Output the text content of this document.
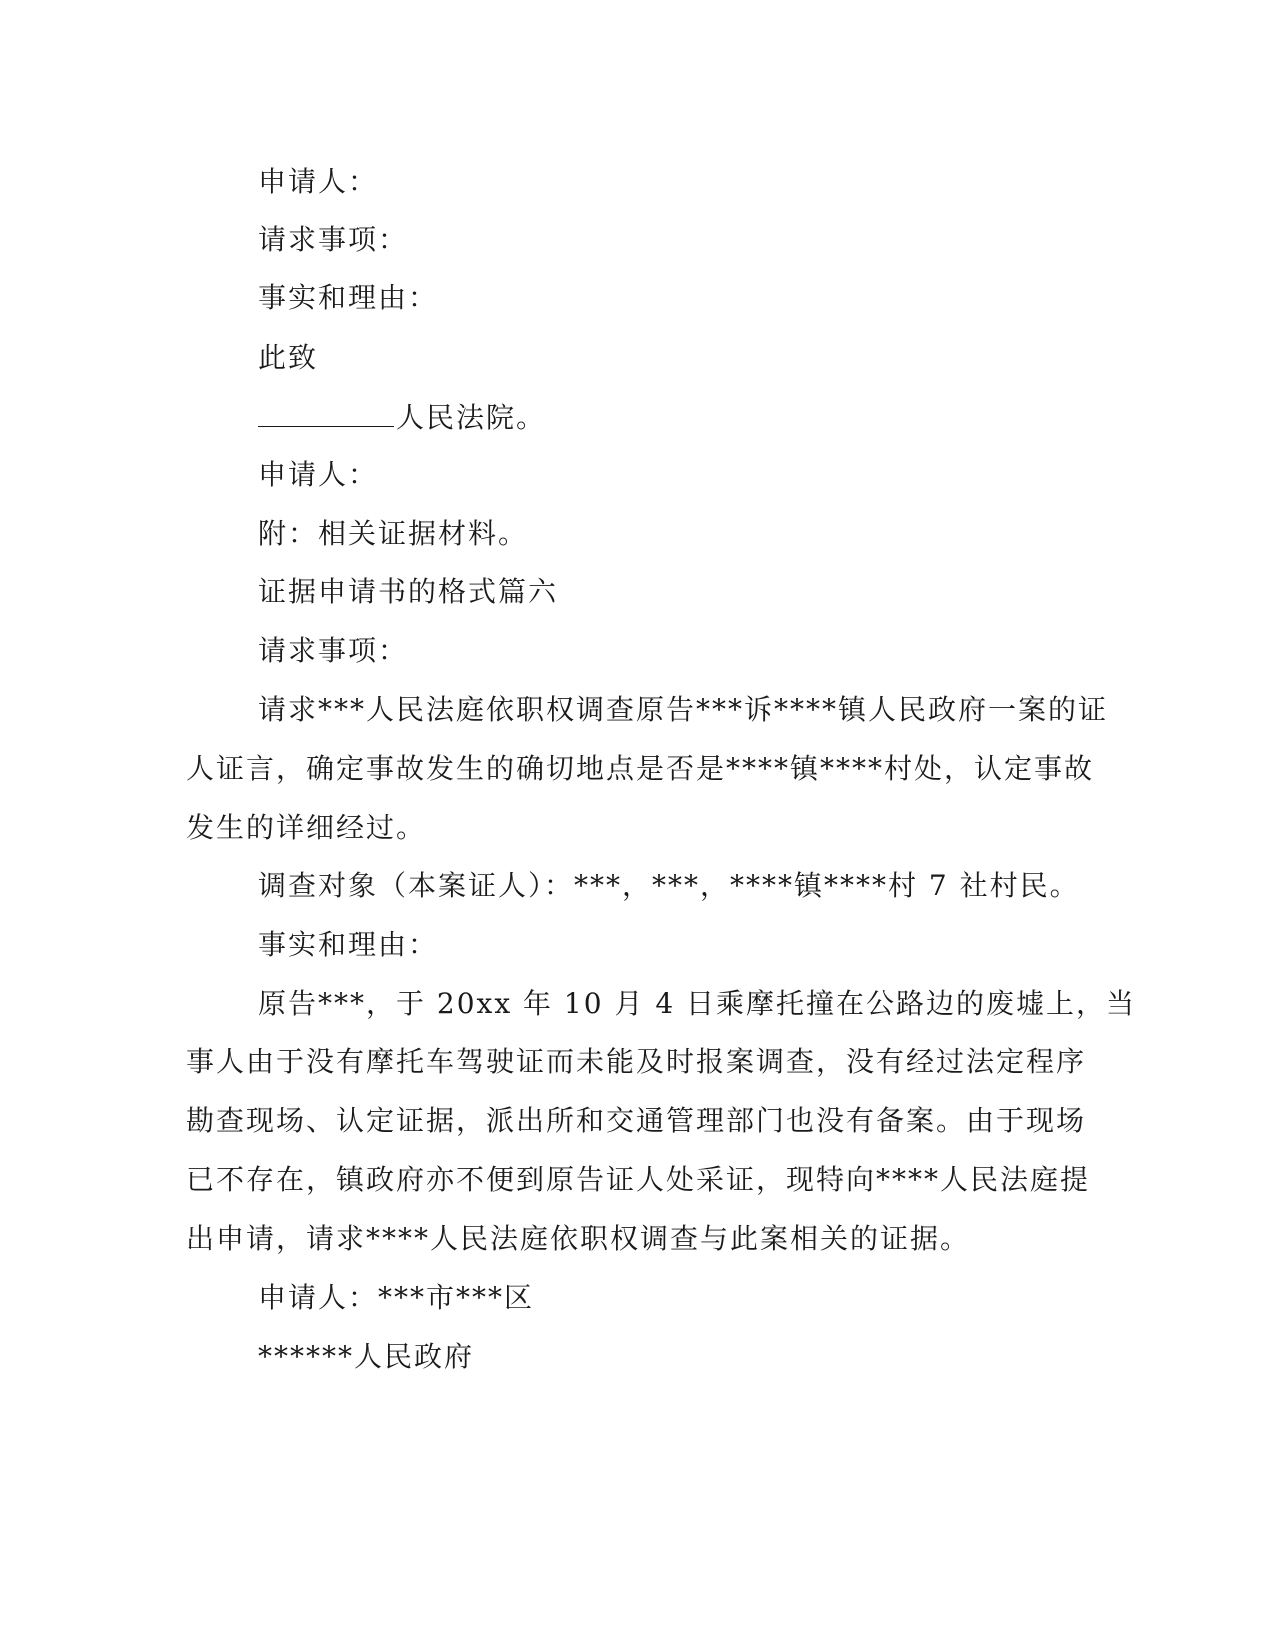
申请人：
请求事项：
事实和理由：
此致
人民法院。
申请人：
附：相关证据材料。
证据申请书的格式篇六
请求事项：
请求***人民法庭依职权调查原告***诉****镇人民政府一案的证
人证言，确定事故发生的确切地点是否是****镇****村处，认定事故
发生的详细经过。
调查对象（本案证人）：***，***，****镇****村 7 社村民。
事实和理由：
原告***，于 20xx 年 10 月 4 日乘摩托撞在公路边的废墟上，当
事人由于没有摩托车驾驶证而未能及时报案调查，没有经过法定程序
勘查现场、认定证据，派出所和交通管理部门也没有备案。由于现场
已不存在，镇政府亦不便到原告证人处采证，现特向****人民法庭提
出申请，请求****人民法庭依职权调查与此案相关的证据。
申请人：***市***区
******人民政府
